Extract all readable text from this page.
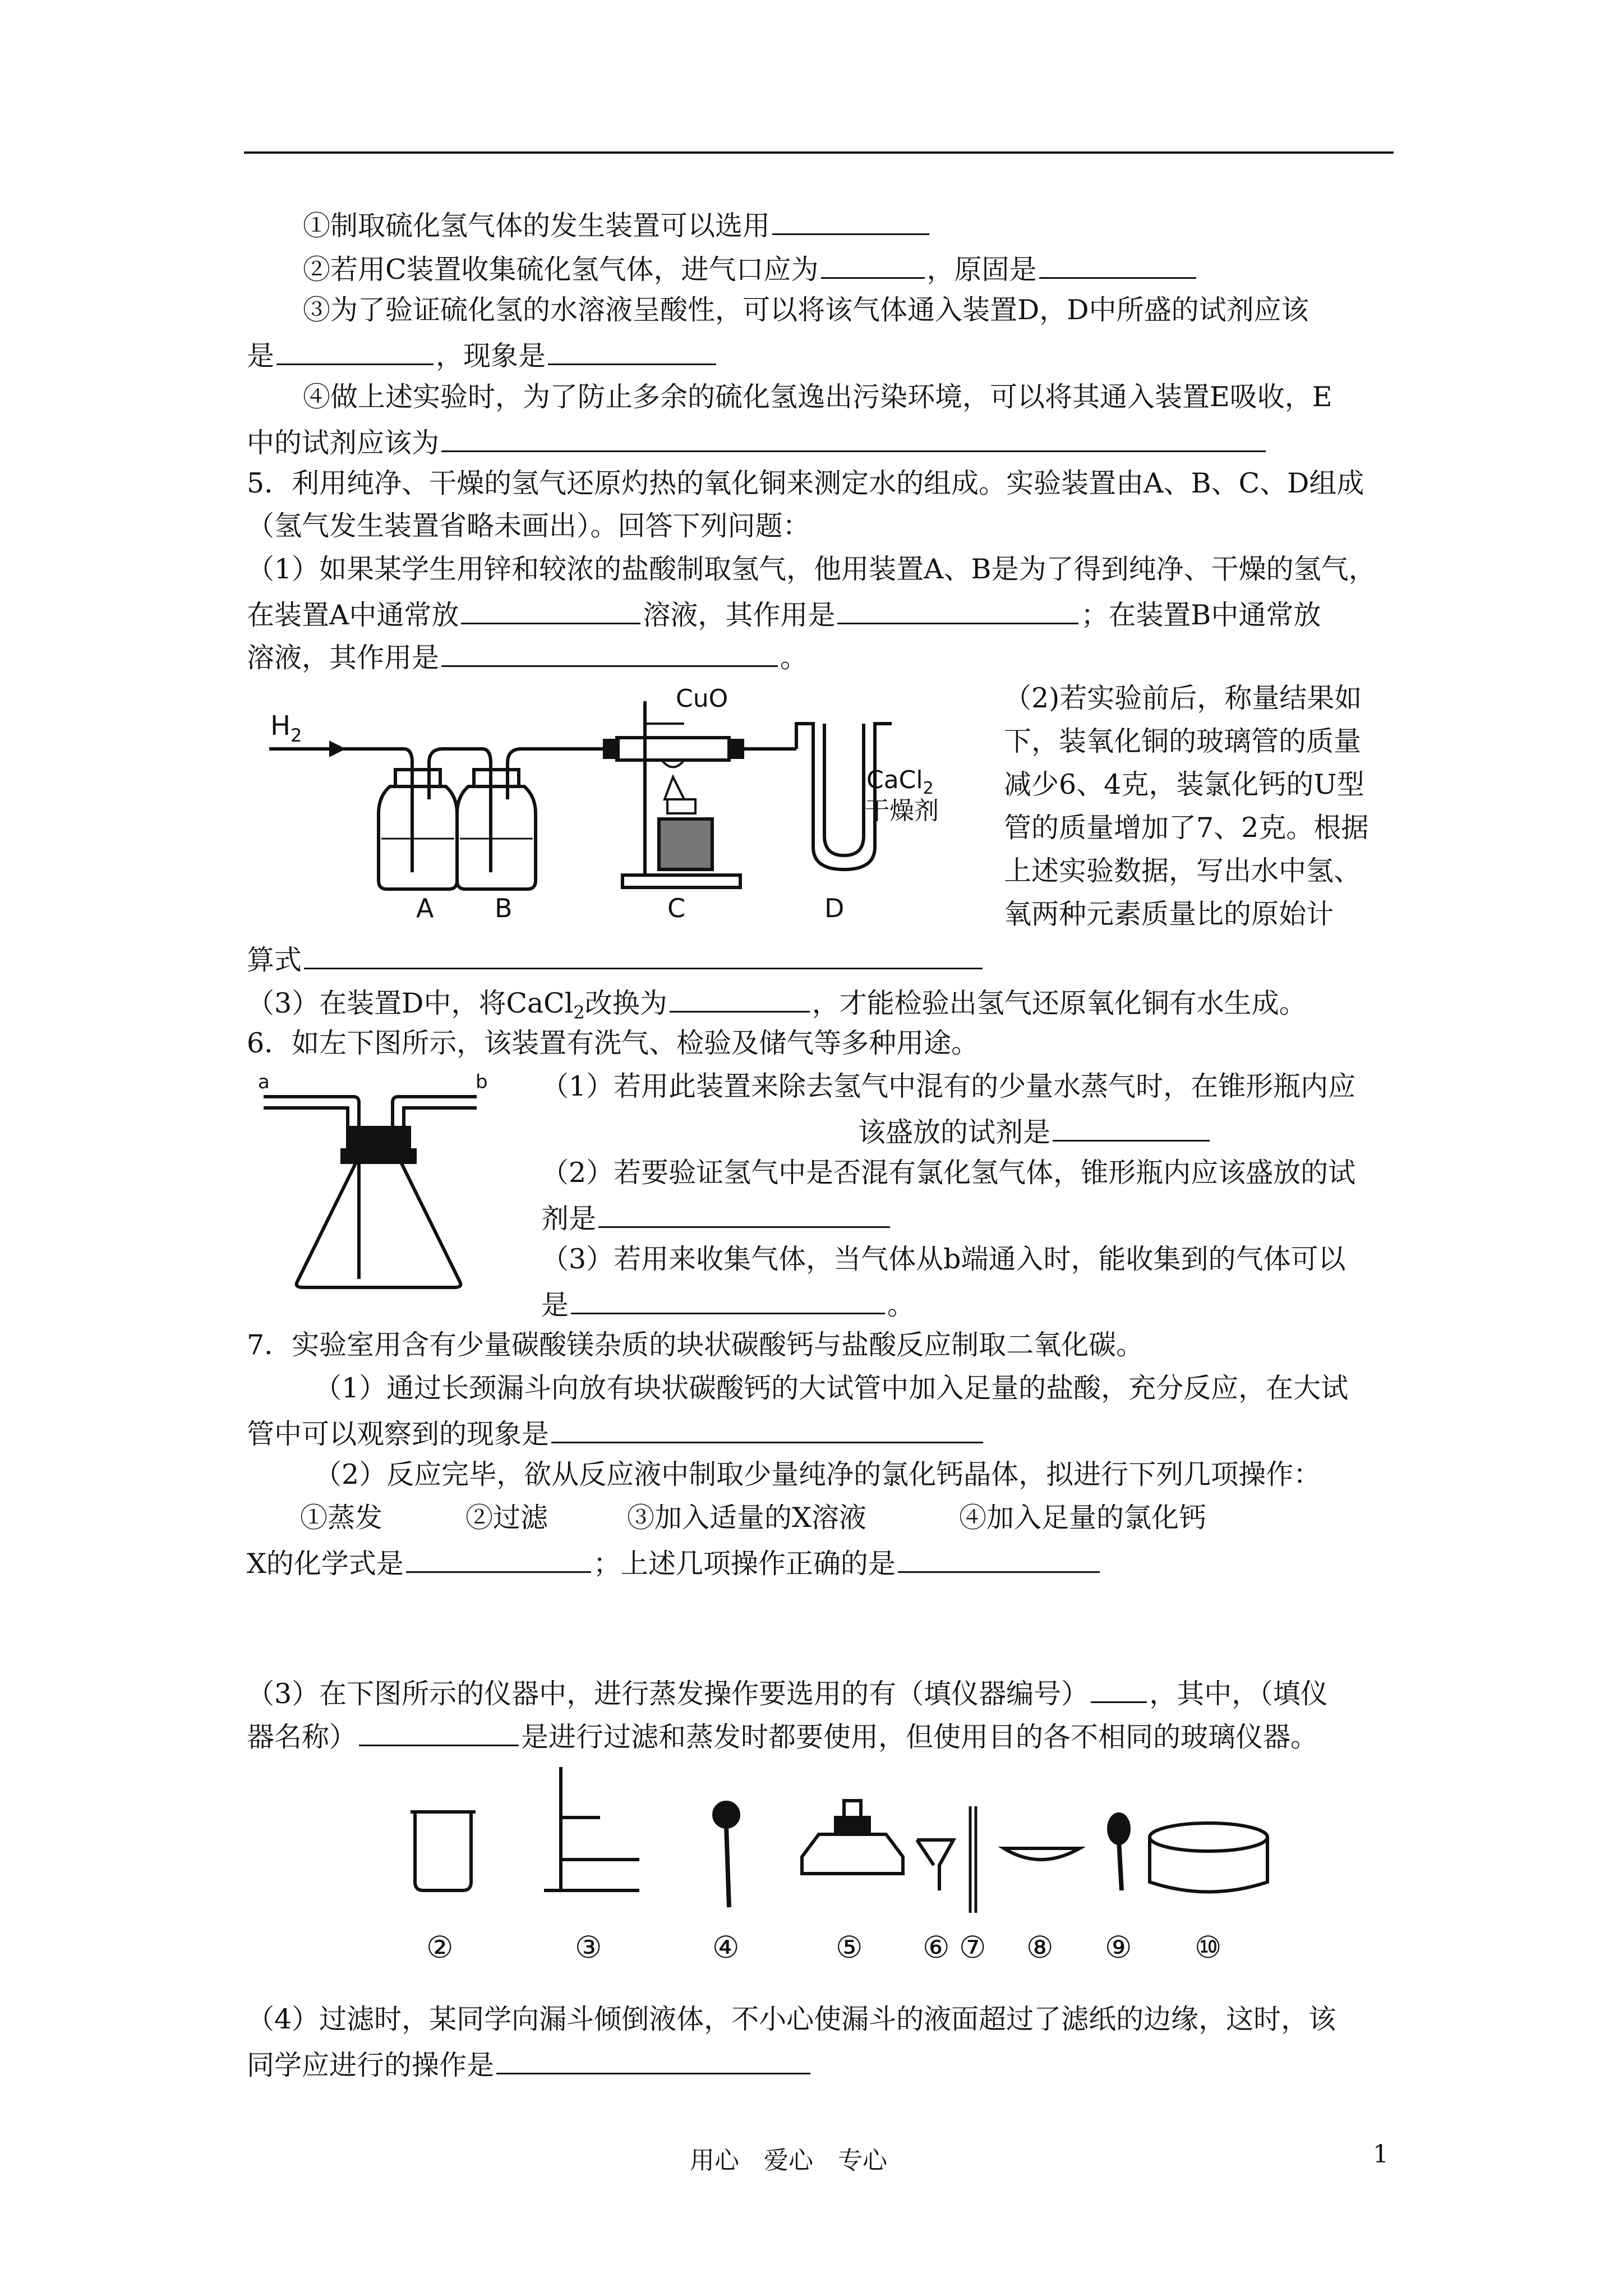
①制取硫化氢气体的发生装置可以选用
②若用C装置收集硫化氢气体，进气口应为	，原固是
③为了验证硫化氢的水溶液呈酸性，可以将该气体通入装置D，D中所盛的试剂应该
是	，现象是
④做上述实验时，为了防止多余的硫化氢逸出污染环境，可以将其通入装置E吸收，E
中的试剂应该为
5．利用纯净、干燥的氢气还原灼热的氧化铜来测定水的组成。实验装置由A、B、C、D组成
（氢气发生装置省略未画出）。回答下列问题：
（1）如果某学生用锌和较浓的盐酸制取氢气，他用装置A、B是为了得到纯净、干燥的氢气，
在装置A中通常放	溶液，其作用是	；在装置B中通常放
溶液，其作用是	。
$H_2$
CuO
CaCl$_2$
干燥剂
A B	C	D
（2)若实验前后，称量结果如
下，装氧化铜的玻璃管的质量
减少6、4克，装氯化钙的U型
管的质量增加了7、2克。根据
上述实验数据，写出水中氢、
氧两种元素质量比的原始计
算式
（3）在装置D中，将CaCl$_2$改换为	，才能检验出氢气还原氧化铜有水生成。
6．如左下图所示，该装置有洗气、检验及储气等多种用途。
a	b （1）若用此装置来除去氢气中混有的少量水蒸气时，在锥形瓶内应
该盛放的试剂是
（2）若要验证氢气中是否混有氯化氢气体，锥形瓶内应该盛放的试
剂是
（3）若用来收集气体，当气体从b端通入时，能收集到的气体可以
是	。
7．实验室用含有少量碳酸镁杂质的块状碳酸钙与盐酸反应制取二氧化碳。
（1）通过长颈漏斗向放有块状碳酸钙的大试管中加入足量的盐酸，充分反应，在大试
管中可以观察到的现象是
（2）反应完毕，欲从反应液中制取少量纯净的氯化钙晶体，拟进行下列几项操作：
①蒸发	②过滤	③加入适量的X溶液	④加入足量的氯化钙
X的化学式是	；上述几项操作正确的是
（3）在下图所示的仪器中，进行蒸发操作要选用的有（填仪器编号） ，其中，（填仪
器名称）	是进行过滤和蒸发时都要使用，但使用目的各不相同的玻璃仪器。
②	③	④	⑤ ⑥ ⑦ ⑧ ⑨ ⑩
（4）过滤时，某同学向漏斗倾倒液体，不小心使漏斗的液面超过了滤纸的边缘，这时，该
同学应进行的操作是
用心　爱心　专心	1
